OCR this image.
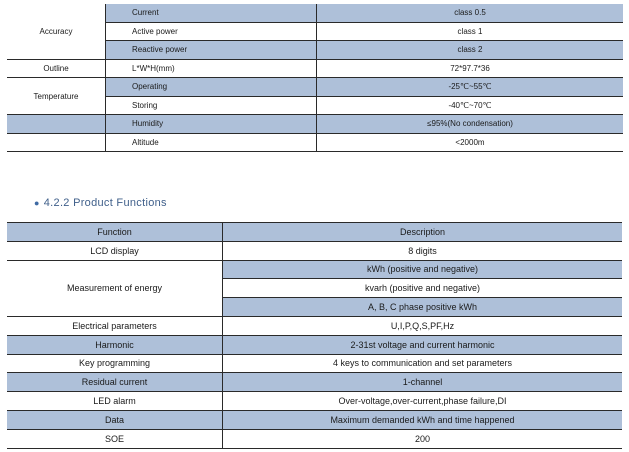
Accuracy	Current	class 0.5
	Active power	class 1
	Reactive power	class 2
Outline	L*W*H(mm)	72*97.7*36
Temperature	Operating	-25℃~55℃
	Storing	-40℃~70℃
	Humidity	≤95%(No condensation)
	Altitude	<2000m
● 4.2.2 Product Functions
Function	Description
LCD display	8 digits
Measurement of energy	kWh (positive and negative)
	kvarh (positive and negative)
	A, B, C phase positive kWh
Electrical parameters	U,I,P,Q,S,PF,Hz
Harmonic	2-31st voltage and current harmonic
Key programming	4 keys to communication and set parameters
Residual current	1-channel
LED alarm	Over-voltage,over-current,phase failure,DI
Data	Maximum demanded kWh and time happened
SOE	200
